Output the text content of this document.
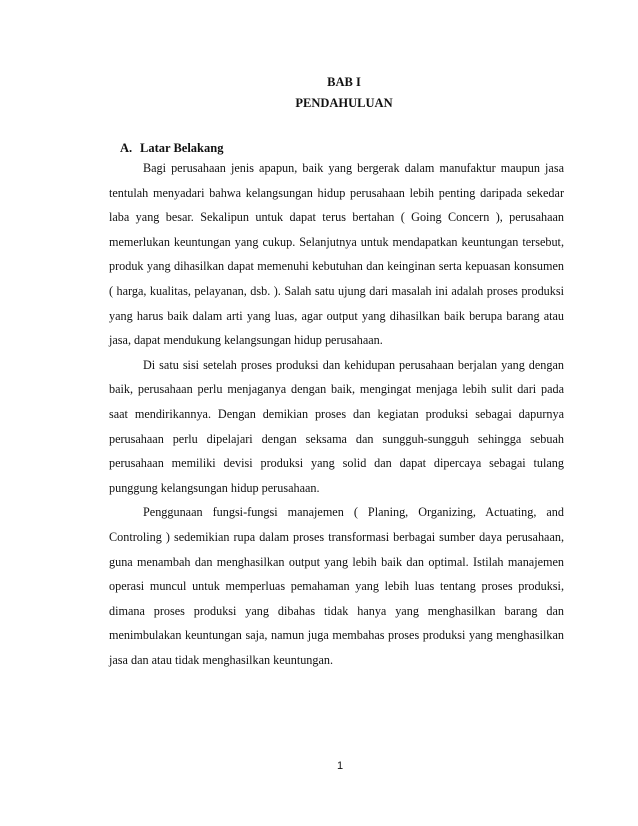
BAB I
PENDAHULUAN
A. Latar Belakang

Bagi perusahaan jenis apapun, baik yang bergerak dalam manufaktur maupun jasa tentulah menyadari bahwa kelangsungan hidup perusahaan lebih penting daripada sekedar laba yang besar. Sekalipun untuk dapat terus bertahan ( Going Concern ), perusahaan memerlukan keuntungan yang cukup. Selanjutnya untuk mendapatkan keuntungan tersebut, produk yang dihasilkan dapat memenuhi kebutuhan dan keinginan serta kepuasan konsumen ( harga, kualitas, pelayanan, dsb. ). Salah satu ujung dari masalah ini adalah proses produksi yang harus baik dalam arti yang luas, agar output yang dihasilkan baik berupa barang atau jasa, dapat mendukung kelangsungan hidup perusahaan.

Di satu sisi setelah proses produksi dan kehidupan perusahaan berjalan yang dengan baik, perusahaan perlu menjaganya dengan baik, mengingat menjaga lebih sulit dari pada saat mendirikannya. Dengan demikian proses dan kegiatan produksi sebagai dapurnya perusahaan perlu dipelajari dengan seksama dan sungguh-sungguh sehingga sebuah perusahaan memiliki devisi produksi yang solid dan dapat dipercaya sebagai tulang punggung kelangsungan hidup perusahaan.

Penggunaan fungsi-fungsi manajemen ( Planing, Organizing, Actuating, and Controling ) sedemikian rupa dalam proses transformasi berbagai sumber daya perusahaan, guna menambah dan menghasilkan output yang lebih baik dan optimal. Istilah manajemen operasi muncul untuk memperluas pemahaman yang lebih luas tentang proses produksi, dimana proses produksi yang dibahas tidak hanya yang menghasilkan barang dan menimbulakan keuntungan saja, namun juga membahas proses produksi yang menghasilkan jasa dan atau tidak menghasilkan keuntungan.

1
